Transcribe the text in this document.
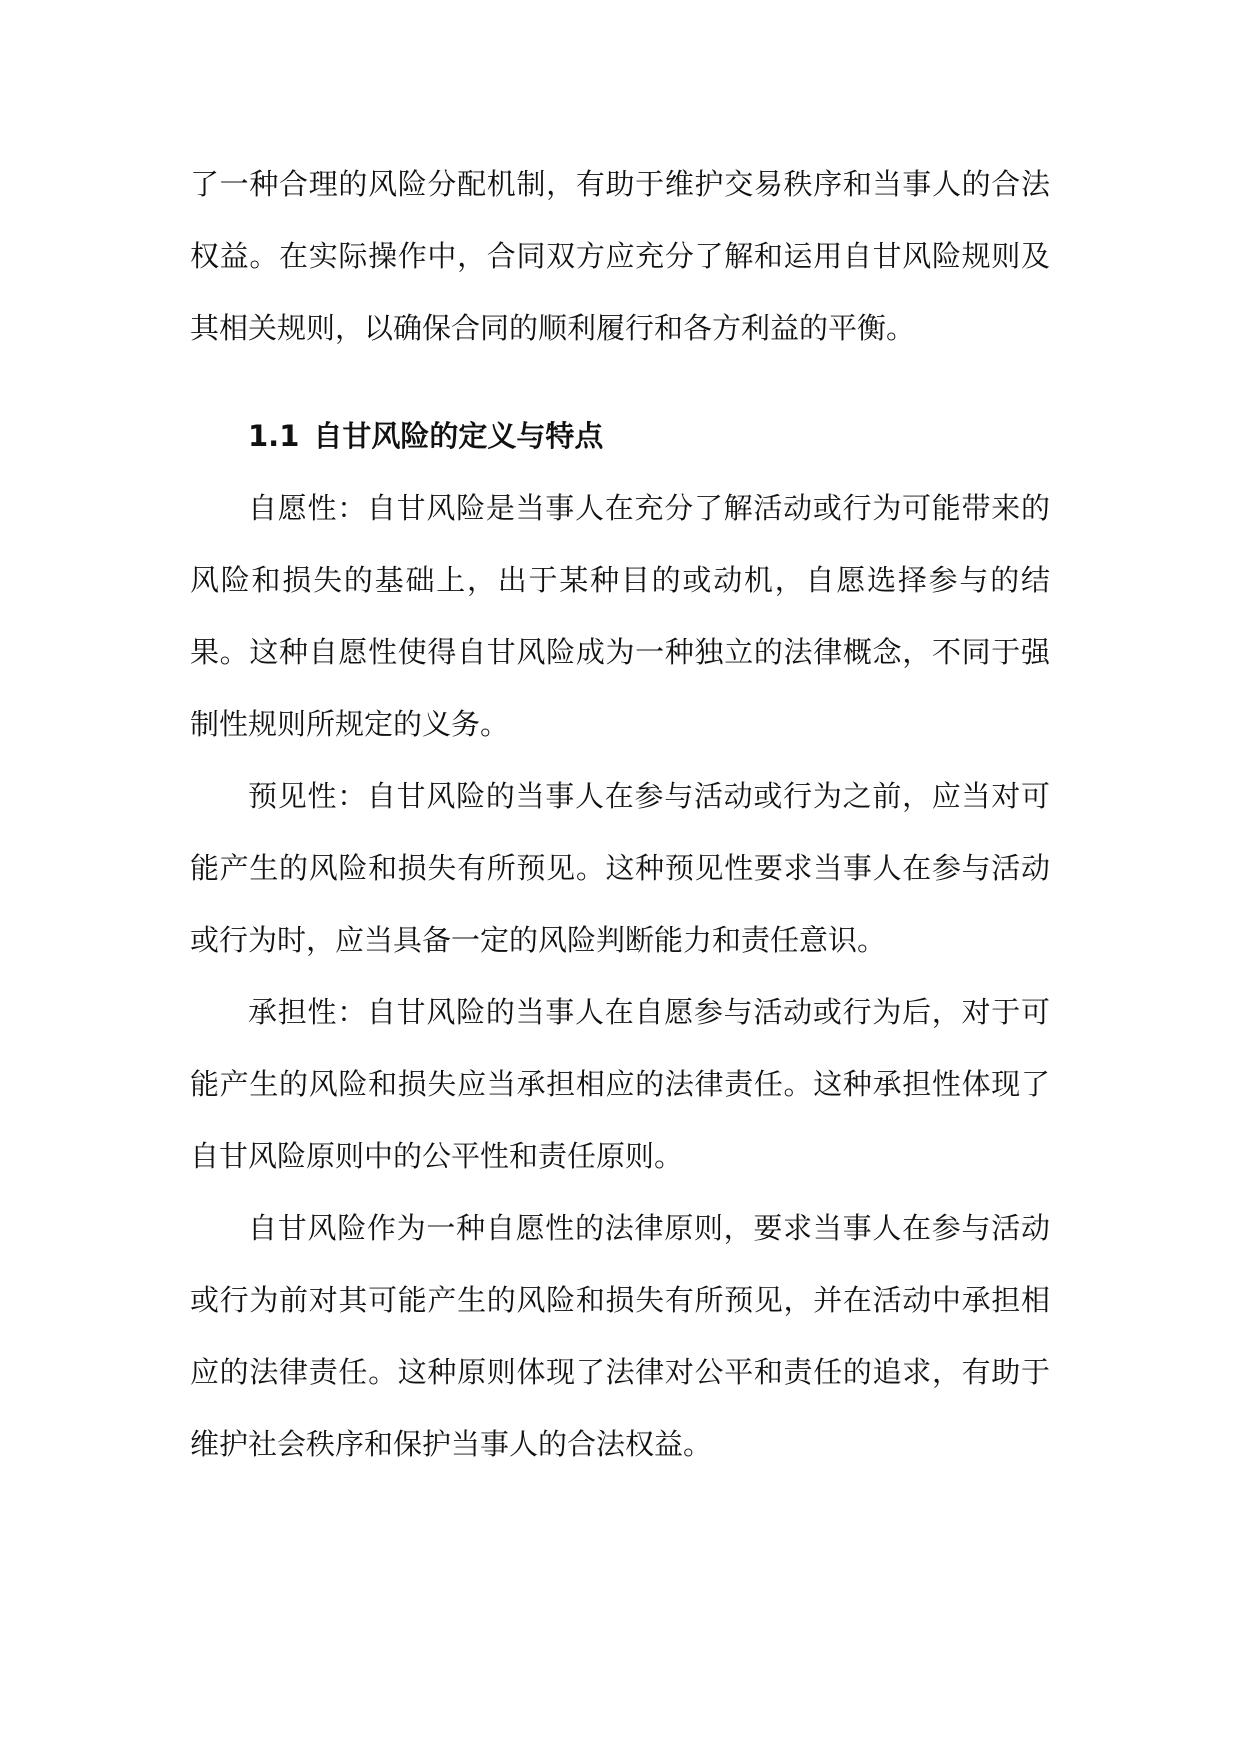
了一种合理的风险分配机制，有助于维护交易秩序和当事人的合法权益。在实际操作中，合同双方应充分了解和运用自甘风险规则及其相关规则，以确保合同的顺利履行和各方利益的平衡。

1.1 自甘风险的定义与特点

自愿性：自甘风险是当事人在充分了解活动或行为可能带来的风险和损失的基础上，出于某种目的或动机，自愿选择参与的结果。这种自愿性使得自甘风险成为一种独立的法律概念，不同于强制性规则所规定的义务。

预见性：自甘风险的当事人在参与活动或行为之前，应当对可能产生的风险和损失有所预见。这种预见性要求当事人在参与活动或行为时，应当具备一定的风险判断能力和责任意识。

承担性：自甘风险的当事人在自愿参与活动或行为后，对于可能产生的风险和损失应当承担相应的法律责任。这种承担性体现了自甘风险原则中的公平性和责任原则。

自甘风险作为一种自愿性的法律原则，要求当事人在参与活动或行为前对其可能产生的风险和损失有所预见，并在活动中承担相应的法律责任。这种原则体现了法律对公平和责任的追求，有助于维护社会秩序和保护当事人的合法权益。
